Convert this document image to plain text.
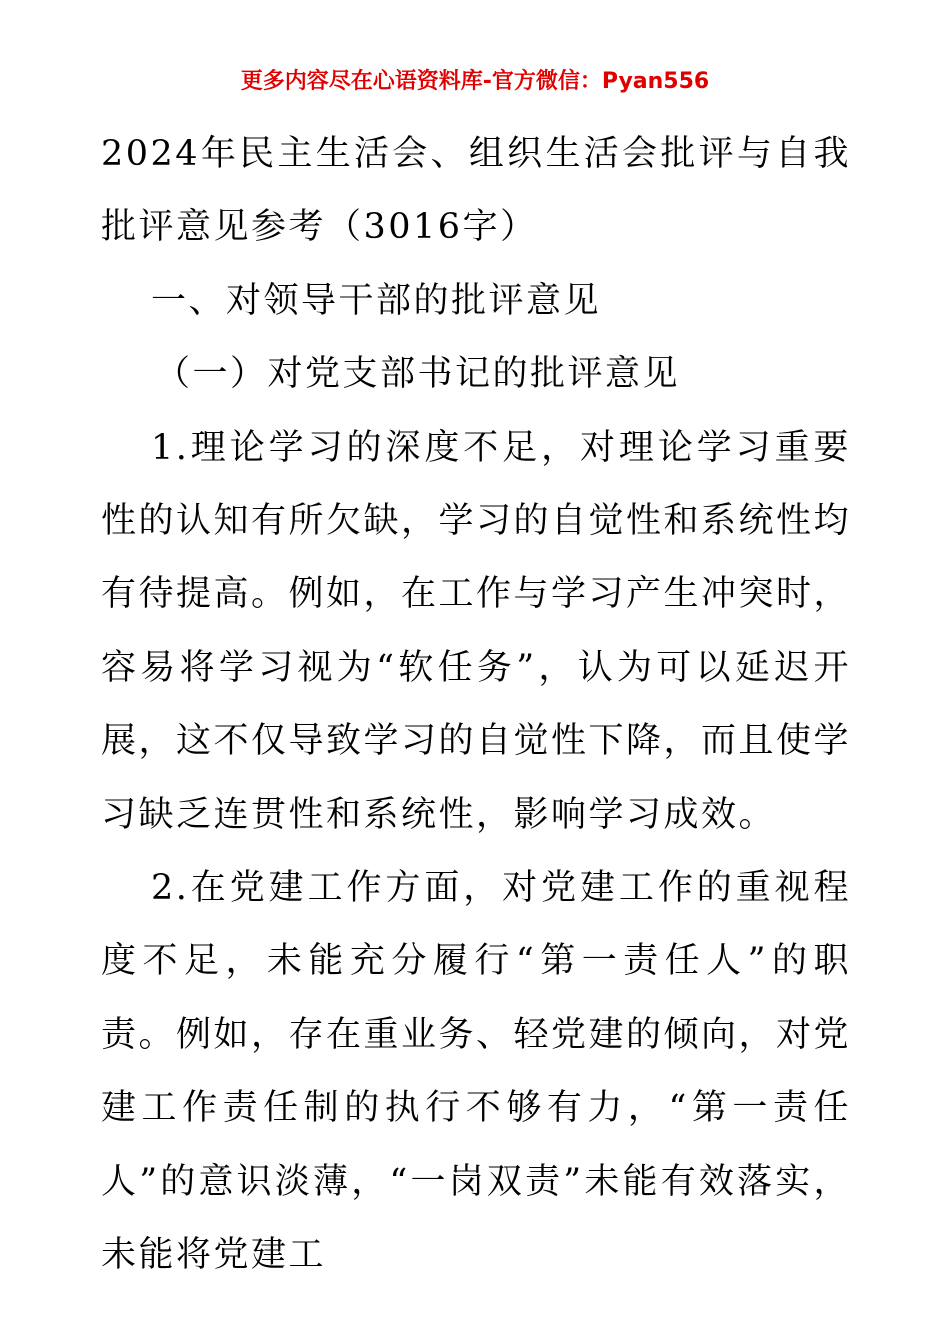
更多内容尽在心语资料库-官方微信：Pyan556

2024年民主生活会、组织生活会批评与自我批评意见参考（3016字）

一、对领导干部的批评意见

（一）对党支部书记的批评意见

1.理论学习的深度不足，对理论学习重要性的认知有所欠缺，学习的自觉性和系统性均有待提高。例如，在工作与学习产生冲突时，容易将学习视为“软任务”，认为可以延迟开展，这不仅导致学习的自觉性下降，而且使学习缺乏连贯性和系统性，影响学习成效。

2.在党建工作方面，对党建工作的重视程度不足，未能充分履行“第一责任人”的职责。例如，存在重业务、轻党建的倾向，对党建工作责任制的执行不够有力，“第一责任人”的意识淡薄，“一岗双责”未能有效落实，未能将党建工
